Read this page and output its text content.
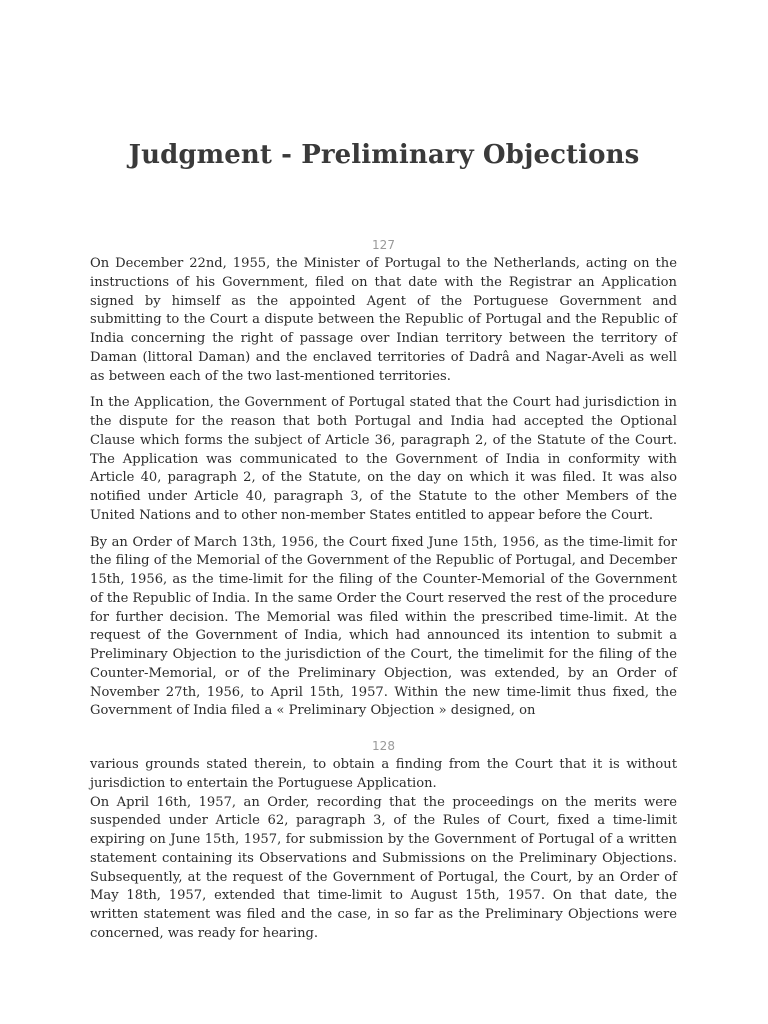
Judgment - Preliminary Objections

127

On December 22nd, 1955, the Minister of Portugal to the Netherlands, acting on the instructions of his Government, filed on that date with the Registrar an Application signed by himself as the appointed Agent of the Portuguese Government and submitting to the Court a dispute between the Republic of Portugal and the Republic of India concerning the right of passage over Indian territory between the territory of Daman (littoral Daman) and the enclaved territories of Dadrâ and Nagar-Aveli as well as between each of the two last-mentioned territories.

In the Application, the Government of Portugal stated that the Court had jurisdiction in the dispute for the reason that both Portugal and India had accepted the Optional Clause which forms the subject of Article 36, paragraph 2, of the Statute of the Court. The Application was communicated to the Government of India in conformity with Article 40, paragraph 2, of the Statute, on the day on which it was filed. It was also notified under Article 40, paragraph 3, of the Statute to the other Members of the United Nations and to other non-member States entitled to appear before the Court.

By an Order of March 13th, 1956, the Court fixed June 15th, 1956, as the time-limit for the filing of the Memorial of the Government of the Republic of Portugal, and December 15th, 1956, as the time-limit for the filing of the Counter-Memorial of the Government of the Republic of India. In the same Order the Court reserved the rest of the procedure for further decision. The Memorial was filed within the prescribed time-limit. At the request of the Government of India, which had announced its intention to submit a Preliminary Objection to the jurisdiction of the Court, the timelimit for the filing of the Counter-Memorial, or of the Preliminary Objection, was extended, by an Order of November 27th, 1956, to April 15th, 1957. Within the new time-limit thus fixed, the Government of India filed a « Preliminary Objection » designed, on

128

various grounds stated therein, to obtain a finding from the Court that it is without jurisdiction to entertain the Portuguese Application.

On April 16th, 1957, an Order, recording that the proceedings on the merits were suspended under Article 62, paragraph 3, of the Rules of Court, fixed a time-limit expiring on June 15th, 1957, for submission by the Government of Portugal of a written statement containing its Observations and Submissions on the Preliminary Objections. Subsequently, at the request of the Government of Portugal, the Court, by an Order of May 18th, 1957, extended that time-limit to August 15th, 1957. On that date, the written statement was filed and the case, in so far as the Preliminary Objections were concerned, was ready for hearing.
